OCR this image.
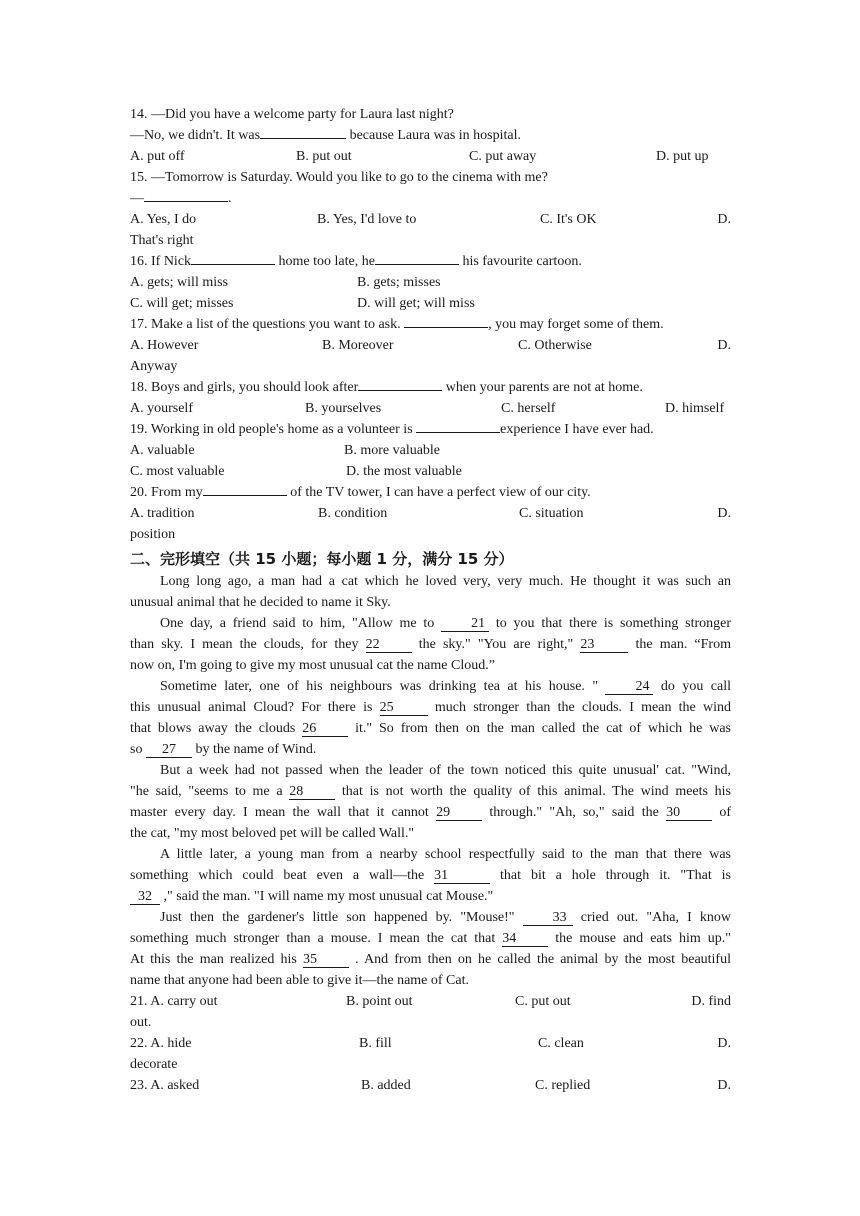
14. —Did you have a welcome party for Laura last night?
—No, we didn't. It was	because Laura was in hospital.
A. put off	B. put out	C. put away	D. put up
15. —Tomorrow is Saturday. Would you like to go to the cinema with me?
—	.
A. Yes, I do	B. Yes, I'd love to	C. It's OK	D.
That's right
16. If Nick	home too late, he	his favourite cartoon.
A. gets; will miss	B. gets; misses
C. will get; misses	D. will get; will miss
17. Make a list of the questions you want to ask.	, you may forget some of them.
A. However	B. Moreover	C. Otherwise	D.
Anyway
18. Boys and girls, you should look after	when your parents are not at home.
A. yourself	B. yourselves	C. herself	D. himself
19. Working in old people's home as a volunteer is	experience I have ever had.
A. valuable	B. more valuable
C. most valuable	D. the most valuable
20. From my	of the TV tower, I can have a perfect view of our city.
A. tradition	B. condition	C. situation	D.
position
二、完形填空（共 15 小题；每小题 1 分，满分 15 分）
Long long ago, a man had a cat which he loved very, very much. He thought it was such an
unusual animal that he decided to name it Sky.
One day, a friend said to him, "Allow me to 21 to you that there is something stronger
than sky. I mean the clouds, for they 22 the sky." "You are right," 23 the man. “From
now on, I'm going to give my most unusual cat the name Cloud.”
Sometime later, one of his neighbours was drinking tea at his house. " 24 do you call
this unusual animal Cloud? For there is 25 much stronger than the clouds. I mean the wind
that blows away the clouds 26 it." So from then on the man called the cat of which he was
so 27 by the name of Wind.
But a week had not passed when the leader of the town noticed this quite unusual' cat. "Wind,
"he said, "seems to me a 28 that is not worth the quality of this animal. The wind meets his
master every day. I mean the wall that it cannot 29 through." "Ah, so," said the 30 of
the cat, "my most beloved pet will be called Wall."
A little later, a young man from a nearby school respectfully said to the man that there was
something which could beat even a wall—the 31	that bit a hole through it. "That is
32 ," said the man. "I will name my most unusual cat Mouse."
Just then the gardener's little son happened by. "Mouse!" 33 cried out. "Aha, I know
something much stronger than a mouse. I mean the cat that 34 the mouse and eats him up."
At this the man realized his 35 . And from then on he called the animal by the most beautiful
name that anyone had been able to give it—the name of Cat.
21. A. carry out	B. point out	C. put out	D. find
out.
22. A. hide	B. fill	C. clean	D.
decorate
23. A. asked	B. added	C. replied	D.
